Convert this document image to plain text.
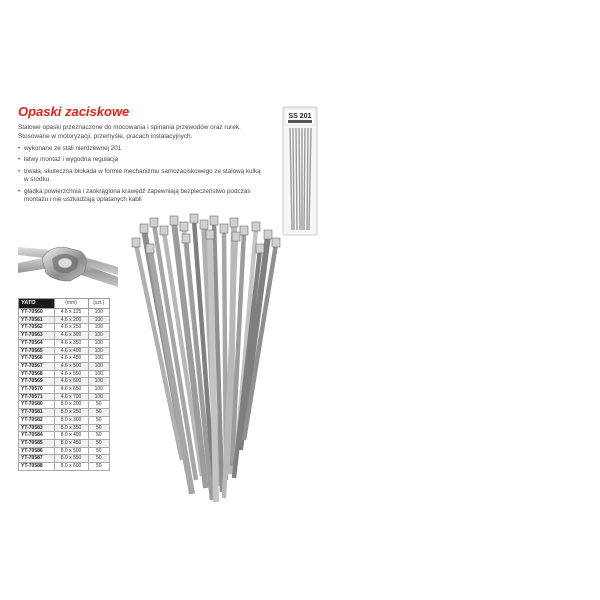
Opaski zaciskowe

Stalowe opaski przeznaczone do mocowania i spinania przewodów oraz rurek. Stosowane w motoryzacji, przemyśle, pracach instalacyjnych.

• wykonane ze stali nierdzewnej 201
• łatwy montaż i wygodna regulacja
• trwała, skuteczna blokada w formie mechanizmu samozaciskowego ze stalową kulką w środku
• gładka powierzchnia i zaokrąglona krawędź zapewniają bezpieczeństwo podczas montażu i nie uszkadzają oplatanych kabli
YATO	(mm)	(szt.)
YT-70560	4.6 x 125	100
YT-70561	4.6 x 200	100
YT-70562	4.6 x 250	100
YT-70563	4.6 x 300	100
YT-70564	4.6 x 350	100
YT-70565	4.6 x 400	100
YT-70566	4.6 x 450	100
YT-70567	4.6 x 500	100
YT-70568	4.6 x 550	100
YT-70569	4.6 x 600	100
YT-70570	4.6 x 650	100
YT-70571	4.6 x 700	100
YT-70580	8.0 x 200	50
YT-70581	8.0 x 250	50
YT-70582	8.0 x 300	50
YT-70583	8.0 x 350	50
YT-70584	8.0 x 400	50
YT-70585	8.0 x 450	50
YT-70586	8.0 x 500	50
YT-70587	8.0 x 550	50
YT-70588	8.0 x 600	50
SS 201
